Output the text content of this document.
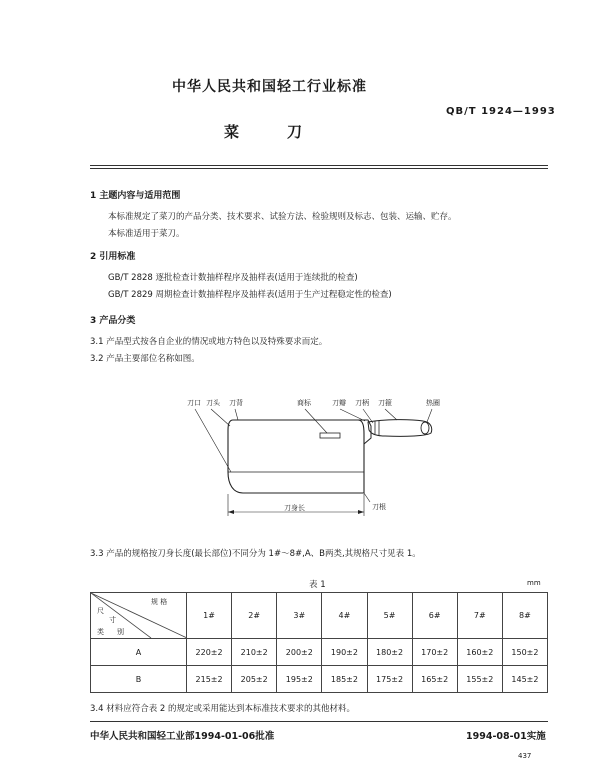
中华人民共和国轻工行业标准
QB/T 1924—1993
菜刀
1 主题内容与适用范围
本标准规定了菜刀的产品分类、技术要求、试验方法、检验规则及标志、包装、运输、贮存。
本标准适用于菜刀。
2 引用标准
GB/T 2828 逐批检查计数抽样程序及抽样表(适用于连续批的检查)
GB/T 2829 周期检查计数抽样程序及抽样表(适用于生产过程稳定性的检查)
3 产品分类
3.1 产品型式按各自企业的情况或地方特色以及特殊要求而定。
3.2 产品主要部位名称如图。
刀口 刀头 刀背	商标	刀瓣 刀柄 刀箍	热圈
刀身长	刀根
3.3 产品的规格按刀身长度(最长部位)不同分为 1#～8#,A、B两类,其规格尺寸见表 1。
表 1	mm
规 格
尺
寸
类 别	1#	2#	3#	4#	5#	6#	7#	8#
A	220±2	210±2	200±2	190±2	180±2	170±2	160±2	150±2
B	215±2	205±2	195±2	185±2	175±2	165±2	155±2	145±2
3.4 材料应符合表 2 的规定或采用能达到本标准技术要求的其他材料。
中华人民共和国轻工业部1994-01-06批准	1994-08-01实施
437
